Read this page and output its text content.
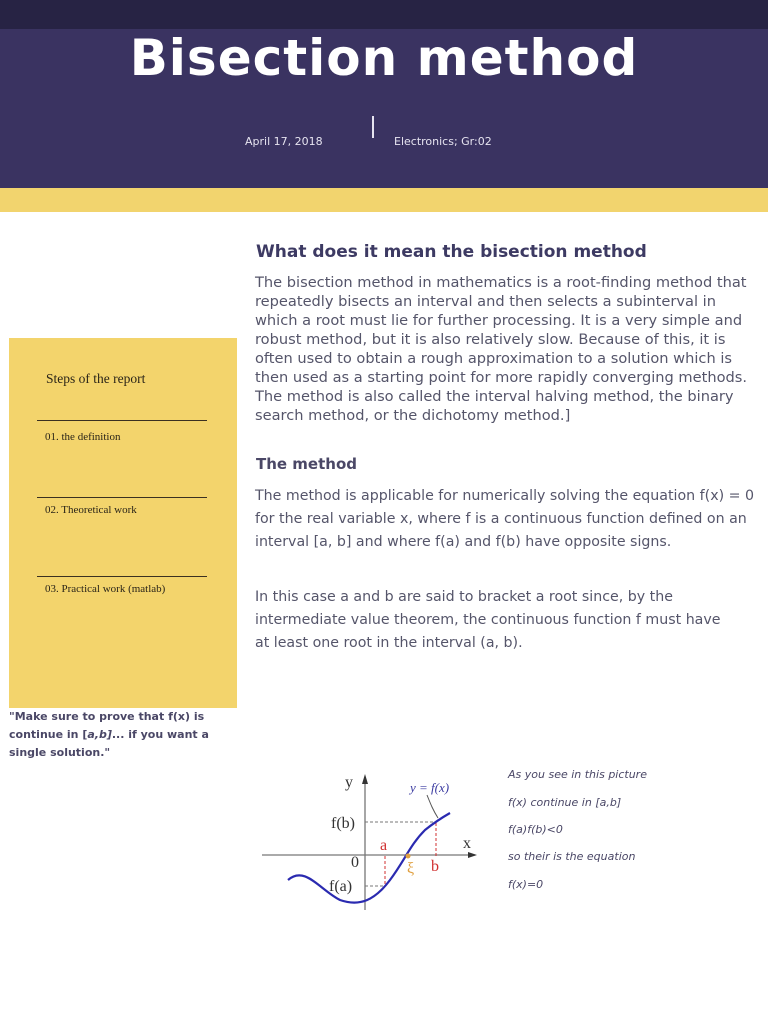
Bisection method
April 17, 2018	Electronics; Gr:02
What does it mean the bisection method
The bisection method in mathematics is a root-finding method that repeatedly bisects an interval and then selects a subinterval in which a root must lie for further processing. It is a very simple and robust method, but it is also relatively slow. Because of this, it is often used to obtain a rough approximation to a solution which is then used as a starting point for more rapidly converging methods. The method is also called the interval halving method, the binary search method, or the dichotomy method.]
The method
The method is applicable for numerically solving the equation f(x) = 0 for the real variable x, where f is a continuous function defined on an interval [a, b] and where f(a) and f(b) have opposite signs.
In this case a and b are said to bracket a root since, by the intermediate value theorem, the continuous function f must have at least one root in the interval (a, b).
Steps of the report
01. the definition
02. Theoretical work
03. Practical work (matlab)
"Make sure to prove that f(x) is continue in [a,b]... if you want a single solution."
y
x
y = f(x)
f(b)
f(a)
0
a
b
ξ
As you see in this picture
f(x) continue in [a,b]
f(a)f(b)<0
so their is the equation
f(x)=0
